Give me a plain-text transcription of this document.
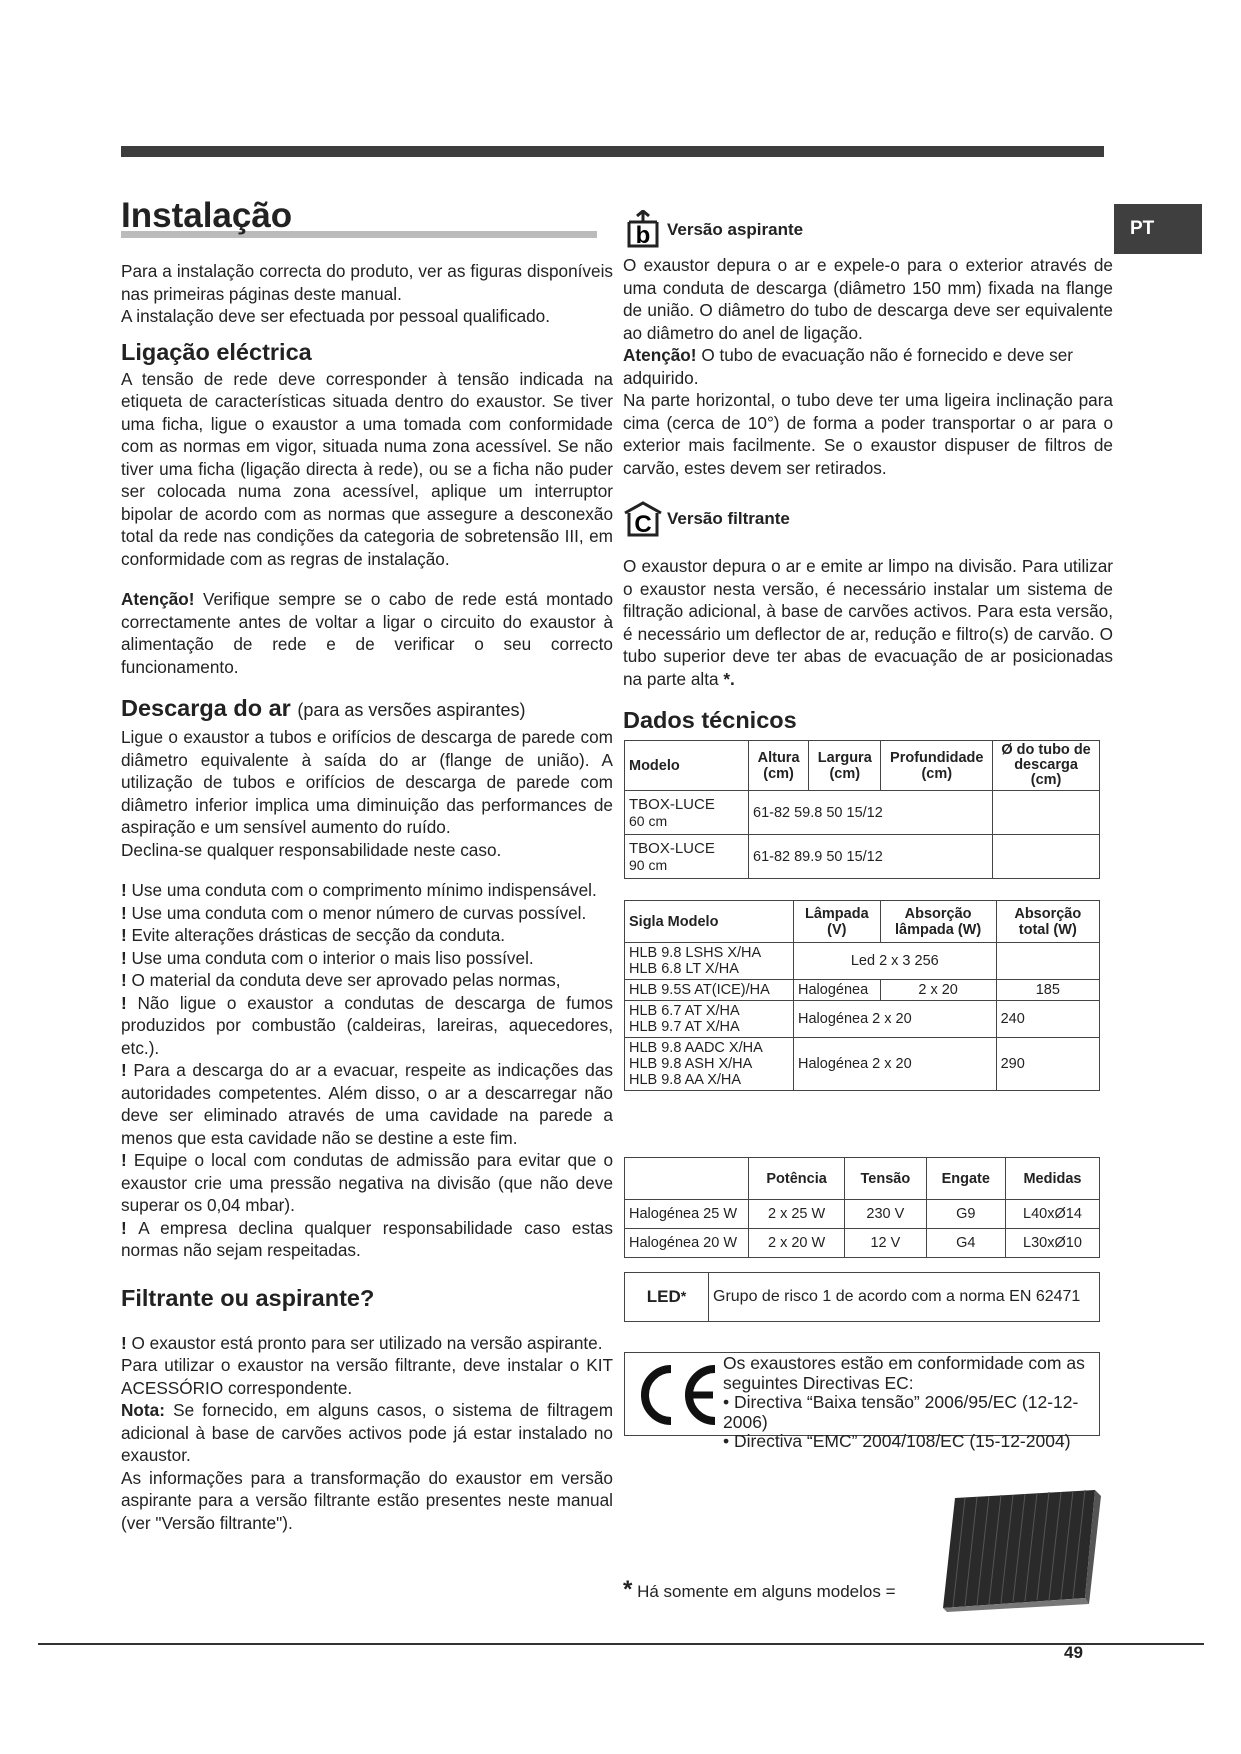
PT
Instalação

Para a instalação correcta do produto, ver as figuras disponíveis nas primeiras páginas deste manual.

A instalação deve ser efectuada por pessoal qualificado.

Ligação eléctrica

A tensão de rede deve corresponder à tensão indicada na etiqueta de características situada dentro do exaustor. Se tiver uma ficha, ligue o exaustor a uma tomada com conformidade com as normas em vigor, situada numa zona acessível. Se não tiver uma ficha (ligação directa à rede), ou se a ficha não puder ser colocada numa zona acessível, aplique um interruptor bipolar de acordo com as normas que assegure a desconexão total da rede nas condições da categoria de sobretensão III, em conformidade com as regras de instalação.

Atenção! Verifique sempre se o cabo de rede está montado correctamente antes de voltar a ligar o circuito do exaustor à alimentação de rede e de verificar o seu correcto funcionamento.

Descarga do ar (para as versões aspirantes)

Ligue o exaustor a tubos e orifícios de descarga de parede com diâmetro equivalente à saída do ar (flange de união). A utilização de tubos e orifícios de descarga de parede com diâmetro inferior implica uma diminuição das performances de aspiração e um sensível aumento do ruído.

Declina-se qualquer responsabilidade neste caso.

! Use uma conduta com o comprimento mínimo indispensável.

! Use uma conduta com o menor número de curvas possível.

! Evite alterações drásticas de secção da conduta.

! Use uma conduta com o interior o mais liso possível.

! O material da conduta deve ser aprovado pelas normas,

! Não ligue o exaustor a condutas de descarga de fumos produzidos por combustão (caldeiras, lareiras, aquecedores, etc.).

! Para a descarga do ar a evacuar, respeite as indicações das autoridades competentes. Além disso, o ar a descarregar não deve ser eliminado através de uma cavidade na parede a menos que esta cavidade não se destine a este fim.

! Equipe o local com condutas de admissão para evitar que o exaustor crie uma pressão negativa na divisão (que não deve superar os 0,04 mbar).

! A empresa declina qualquer responsabilidade caso estas normas não sejam respeitadas.

Filtrante ou aspirante?

! O exaustor está pronto para ser utilizado na versão aspirante.

Para utilizar o exaustor na versão filtrante, deve instalar o KIT ACESSÓRIO correspondente.

Nota: Se fornecido, em alguns casos, o sistema de filtragem adicional à base de carvões activos pode já estar instalado no exaustor.

As informações para a transformação do exaustor em versão aspirante para a versão filtrante estão presentes neste manual (ver "Versão filtrante").

b Versão aspirante

O exaustor depura o ar e expele-o para o exterior através de uma conduta de descarga (diâmetro 150 mm) fixada na flange de união. O diâmetro do tubo de descarga deve ser equivalente ao diâmetro do anel de ligação.

Atenção! O tubo de evacuação não é fornecido e deve ser adquirido.

Na parte horizontal, o tubo deve ter uma ligeira inclinação para cima (cerca de 10°) de forma a poder transportar o ar para o exterior mais facilmente. Se o exaustor dispuser de filtros de carvão, estes devem ser retirados.

C Versão filtrante

O exaustor depura o ar e emite ar limpo na divisão. Para utilizar o exaustor nesta versão, é necessário instalar um sistema de filtração adicional, à base de carvões activos. Para esta versão, é necessário um deflector de ar, redução e filtro(s) de carvão. O tubo superior deve ter abas de evacuação de ar posicionadas na parte alta *.

Dados técnicos
Modelo	Altura (cm)	Largura (cm)	Profundidade (cm)	Ø do tubo de descarga (cm)

TBOX-LUCE
60 cm	61-82 59.8 50 15/12			

TBOX-LUCE
90 cm	61-82 89.9 50 15/12			
Sigla Modelo	Lâmpada (V)	Absorção lâmpada (W)	Absorção total (W)

HLB 9.8 LSHS X/HA
HLB 6.8 LT X/HA	Led 2 x 3 256		
HLB 9.5S AT(ICE)/HA	Halogénea	2 x 20	185

HLB 6.7 AT X/HA
HLB 9.7 AT X/HA	Halogénea 2 x 20		240

HLB 9.8 AADC X/HA
HLB 9.8 ASH X/HA
HLB 9.8 AA X/HA	Halogénea 2 x 20		290
	Potência	Tensão	Engate	Medidas
Halogénea 25 W	2 x 25 W	230 V	G9	L40xØ14
Halogénea 20 W	2 x 20 W	12 V	G4	L30xØ10
LED * Grupo de risco 1 de acordo com a norma EN 62471
Os exaustores estão em conformidade com as seguintes Directivas EC:
• Directiva “Baixa tensão” 2006/95/EC (12-12-2006)
• Directiva “EMC” 2004/108/EC (15-12-2004)
* Há somente em alguns modelos =
49
